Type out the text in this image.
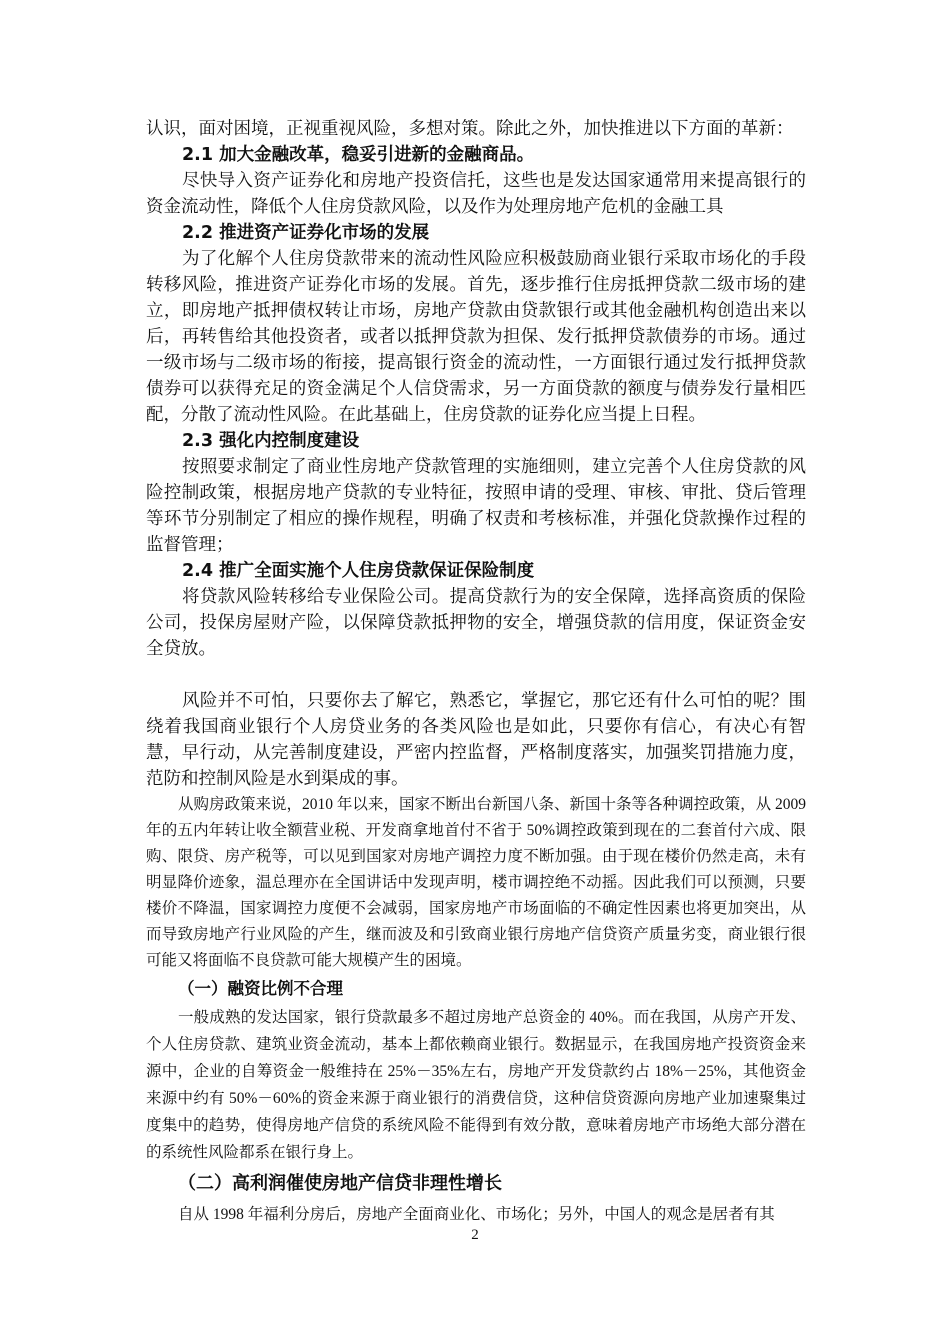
认识，面对困境，正视重视风险，多想对策。除此之外，加快推进以下方面的革新：

2.1 加大金融改革，稳妥引进新的金融商品。

尽快导入资产证券化和房地产投资信托，这些也是发达国家通常用来提高银行的资金流动性，降低个人住房贷款风险，以及作为处理房地产危机的金融工具

2.2 推进资产证券化市场的发展

为了化解个人住房贷款带来的流动性风险应积极鼓励商业银行采取市场化的手段转移风险，推进资产证券化市场的发展。首先，逐步推行住房抵押贷款二级市场的建立，即房地产抵押债权转让市场，房地产贷款由贷款银行或其他金融机构创造出来以后，再转售给其他投资者，或者以抵押贷款为担保、发行抵押贷款债券的市场。通过一级市场与二级市场的衔接，提高银行资金的流动性，一方面银行通过发行抵押贷款债券可以获得充足的资金满足个人信贷需求，另一方面贷款的额度与债券发行量相匹配，分散了流动性风险。在此基础上，住房贷款的证券化应当提上日程。

2.3 强化内控制度建设

按照要求制定了商业性房地产贷款管理的实施细则，建立完善个人住房贷款的风险控制政策，根据房地产贷款的专业特征，按照申请的受理、审核、审批、贷后管理等环节分别制定了相应的操作规程，明确了权责和考核标准，并强化贷款操作过程的监督管理；

2.4 推广全面实施个人住房贷款保证保险制度

将贷款风险转移给专业保险公司。提高贷款行为的安全保障，选择高资质的保险公司，投保房屋财产险，以保障贷款抵押物的安全，增强贷款的信用度，保证资金安全贷放。

风险并不可怕，只要你去了解它，熟悉它，掌握它，那它还有什么可怕的呢？围绕着我国商业银行个人房贷业务的各类风险也是如此，只要你有信心，有决心有智慧，早行动，从完善制度建设，严密内控监督，严格制度落实，加强奖罚措施力度，范防和控制风险是水到渠成的事。

从购房政策来说，2010 年以来，国家不断出台新国八条、新国十条等各种调控政策，从 2009 年的五内年转让收全额营业税、开发商拿地首付不省于 50%调控政策到现在的二套首付六成、限购、限贷、房产税等，可以见到国家对房地产调控力度不断加强。由于现在楼价仍然走高，未有明显降价迹象，温总理亦在全国讲话中发现声明，楼市调控绝不动摇。因此我们可以预测，只要楼价不降温，国家调控力度便不会减弱，国家房地产市场面临的不确定性因素也将更加突出，从而导致房地产行业风险的产生，继而波及和引致商业银行房地产信贷资产质量劣变，商业银行很可能又将面临不良贷款可能大规模产生的困境。

（一）融资比例不合理

一般成熟的发达国家，银行贷款最多不超过房地产总资金的 40%。而在我国，从房产开发、个人住房贷款、建筑业资金流动，基本上都依赖商业银行。数据显示，在我国房地产投资资金来源中，企业的自筹资金一般维持在 25%－35%左右，房地产开发贷款约占 18%－25%，其他资金来源中约有 50%－60%的资金来源于商业银行的消费信贷，这种信贷资源向房地产业加速聚集过度集中的趋势，使得房地产信贷的系统风险不能得到有效分散，意味着房地产市场绝大部分潜在的系统性风险都系在银行身上。

（二）高利润催使房地产信贷非理性增长

自从 1998 年福利分房后，房地产全面商业化、市场化；另外，中国人的观念是居者有其

2
